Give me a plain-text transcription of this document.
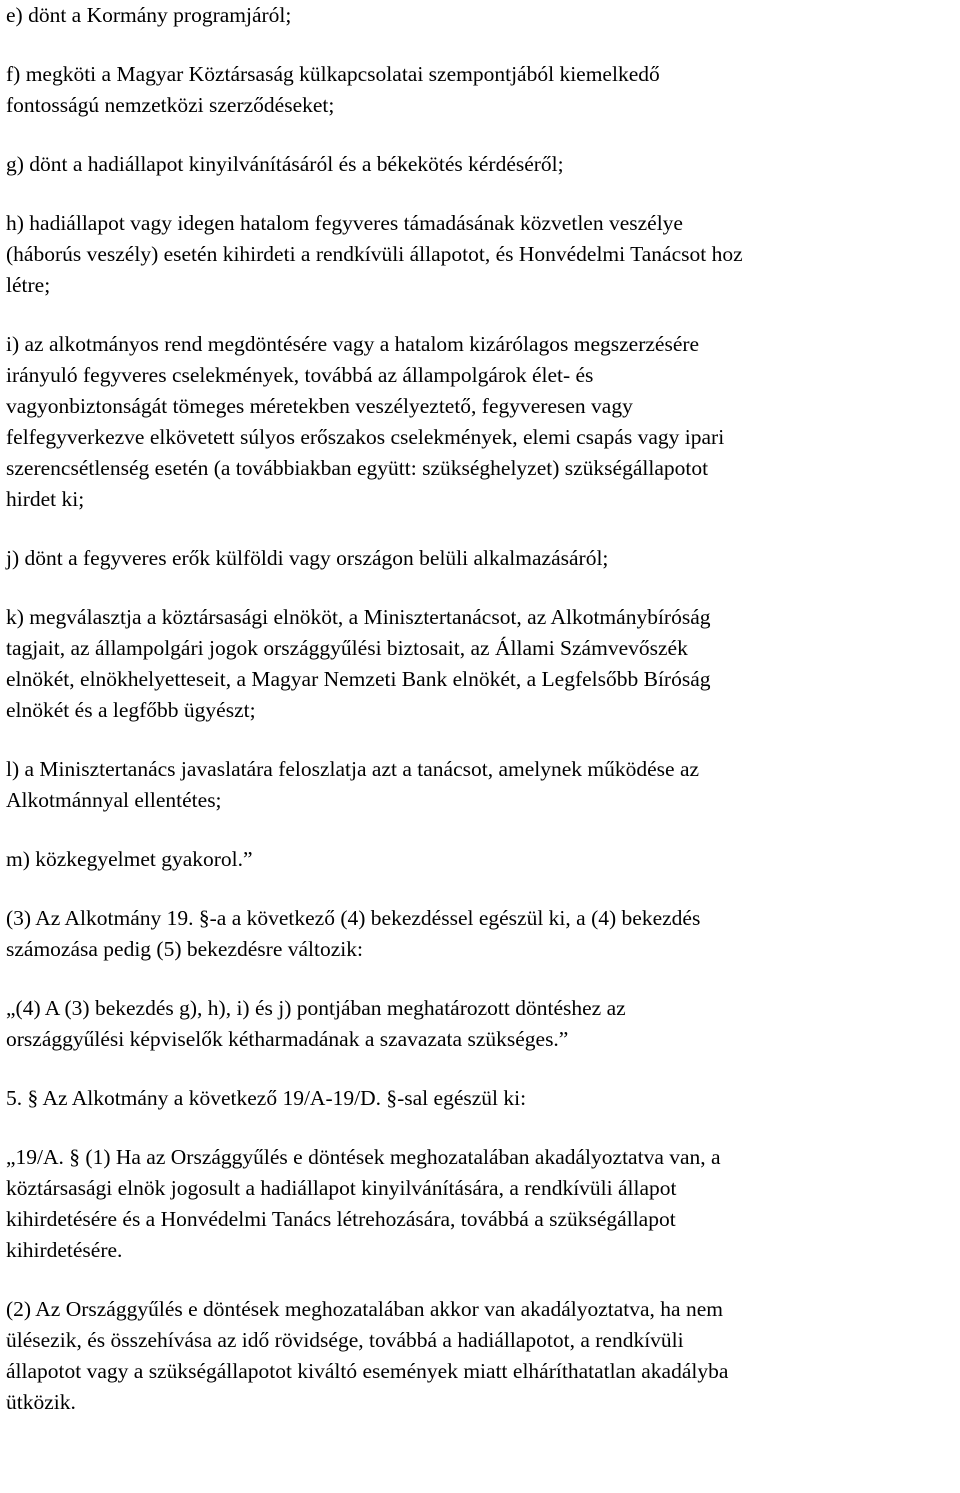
e) dönt a Kormány programjáról;

f) megköti a Magyar Köztársaság külkapcsolatai szempontjából kiemelkedő
fontosságú nemzetközi szerződéseket;

g) dönt a hadiállapot kinyilvánításáról és a békekötés kérdéséről;

h) hadiállapot vagy idegen hatalom fegyveres támadásának közvetlen veszélye
(háborús veszély) esetén kihirdeti a rendkívüli állapotot, és Honvédelmi Tanácsot hoz
létre;

i) az alkotmányos rend megdöntésére vagy a hatalom kizárólagos megszerzésére
irányuló fegyveres cselekmények, továbbá az állampolgárok élet- és
vagyonbiztonságát tömeges méretekben veszélyeztető, fegyveresen vagy
felfegyverkezve elkövetett súlyos erőszakos cselekmények, elemi csapás vagy ipari
szerencsétlenség esetén (a továbbiakban együtt: szükséghelyzet) szükségállapotot
hirdet ki;

j) dönt a fegyveres erők külföldi vagy országon belüli alkalmazásáról;

k) megválasztja a köztársasági elnököt, a Minisztertanácsot, az Alkotmánybíróság
tagjait, az állampolgári jogok országgyűlési biztosait, az Állami Számvevőszék
elnökét, elnökhelyetteseit, a Magyar Nemzeti Bank elnökét, a Legfelsőbb Bíróság
elnökét és a legfőbb ügyészt;

l) a Minisztertanács javaslatára feloszlatja azt a tanácsot, amelynek működése az
Alkotmánnyal ellentétes;

m) közkegyelmet gyakorol.”

(3) Az Alkotmány 19. §-a a következő (4) bekezdéssel egészül ki, a (4) bekezdés
számozása pedig (5) bekezdésre változik:

„(4) A (3) bekezdés g), h), i) és j) pontjában meghatározott döntéshez az
országgyűlési képviselők kétharmadának a szavazata szükséges.”

5. § Az Alkotmány a következő 19/A-19/D. §-sal egészül ki:

„19/A. § (1) Ha az Országgyűlés e döntések meghozatalában akadályoztatva van, a
köztársasági elnök jogosult a hadiállapot kinyilvánítására, a rendkívüli állapot
kihirdetésére és a Honvédelmi Tanács létrehozására, továbbá a szükségállapot
kihirdetésére.

(2) Az Országgyűlés e döntések meghozatalában akkor van akadályoztatva, ha nem
ülésezik, és összehívása az idő rövidsége, továbbá a hadiállapotot, a rendkívüli
állapotot vagy a szükségállapotot kiváltó események miatt elháríthatatlan akadályba
ütközik.
